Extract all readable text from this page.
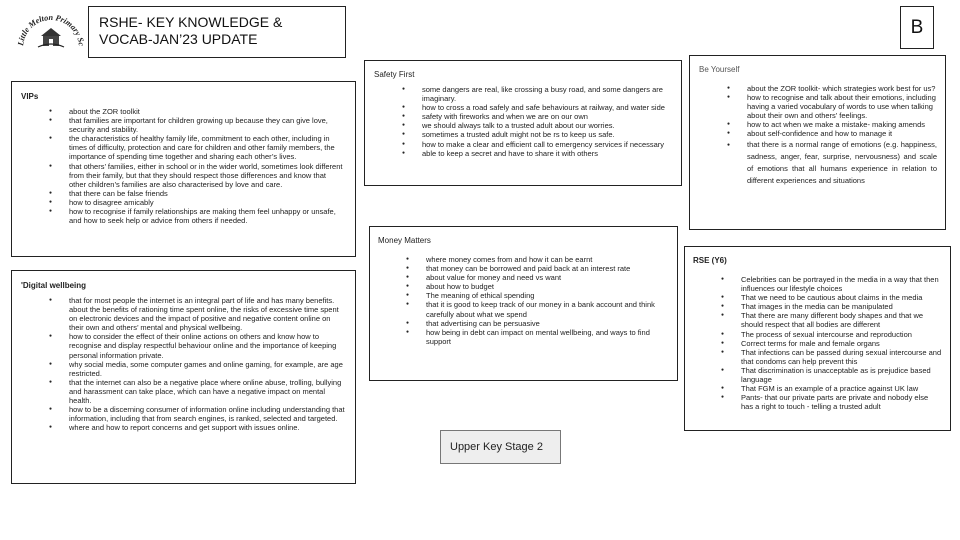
Little Melton Primary Sc
RSHE- KEY KNOWLEDGE &
VOCAB-JAN’23 UPDATE
B
VIPs
● about the ZOR toolkit
● that families are important for children growing up because they can give love, security and stability.
● the characteristics of healthy family life, commitment to each other, including in times of difficulty, protection and care for children and other family members, the importance of spending time together and sharing each other’s lives.
● that others’ families, either in school or in the wider world, sometimes look different from their family, but that they should respect those differences and know that other children’s families are also characterised by love and care.
● that there can be false friends
● how to disagree amicably
● how to recognise if family relationships are making them feel unhappy or unsafe, and how to seek help or advice from others if needed.
'Digital wellbeing
● that for most people the internet is an integral part of life and has many benefits.        about the benefits of rationing time spent online, the risks of excessive time spent on electronic devices and the impact of positive and negative content online on their own and others’ mental and physical wellbeing.
● how to consider the effect of their online actions on others and know how to recognise and display respectful behaviour online and the importance of keeping personal information private.
● why social media, some computer games and online gaming, for example, are age restricted.
● that the internet can also be a negative place where online abuse, trolling, bullying and harassment can take place, which can have a negative impact on mental health.
● how to be a discerning consumer of information online including understanding that information, including that from search engines, is ranked, selected and targeted.
● where and how to report concerns and get support with issues online.
Safety First
● some dangers are real, like crossing a busy road, and some dangers are imaginary.
● how to cross a road safely and safe behaviours at railway, and water side
● safety with fireworks and when we are on our own
● we should always talk to a trusted adult about our worries.
● sometimes a trusted adult might not be rs to keep us safe.
● how to make a clear and efficient call to emergency services if necessary
● able to keep a secret and have to share it with others
Money Matters
● where money comes from and how it can be earnt
● that money can be borrowed and paid back at an interest rate
● about value for money and need vs want
● about how to budget
● The meaning of ethical spending
● that it is good to keep track of our money in a bank account and think carefully about what we spend
● that advertising can be persuasive
● how being in debt can impact on mental wellbeing, and ways to find support
Be Yourself
● about the ZOR toolkit- which strategies work best for us?
● how to recognise and talk about their emotions, including having a varied vocabulary of words to use when talking about their own and others’ feelings.
● how to act when we make a mistake- making amends
● about self-confidence and how to manage it
● that there is a normal range of emotions (e.g. happiness, sadness, anger, fear, surprise, nervousness) and scale of emotions that all humans experience in relation to different experiences and situations
RSE (Y6)
● Celebrities can be portrayed in the media in a way that then influences our lifestyle choices
● That we need to be cautious about claims in the media
● That images in the media can be manipulated
● That there are many different body shapes and that we should respect that all bodies are different
● The process of sexual intercourse and reproduction
● Correct terms for male and female organs
● That infections can be passed during sexual intercourse and that condoms can help prevent this
● That discrimination is unacceptable as is prejudice based language
● That FGM is an example of a practice against UK law
● Pants- that our private parts are private and nobody else has a right to touch - telling a trusted adult
Upper Key Stage 2
